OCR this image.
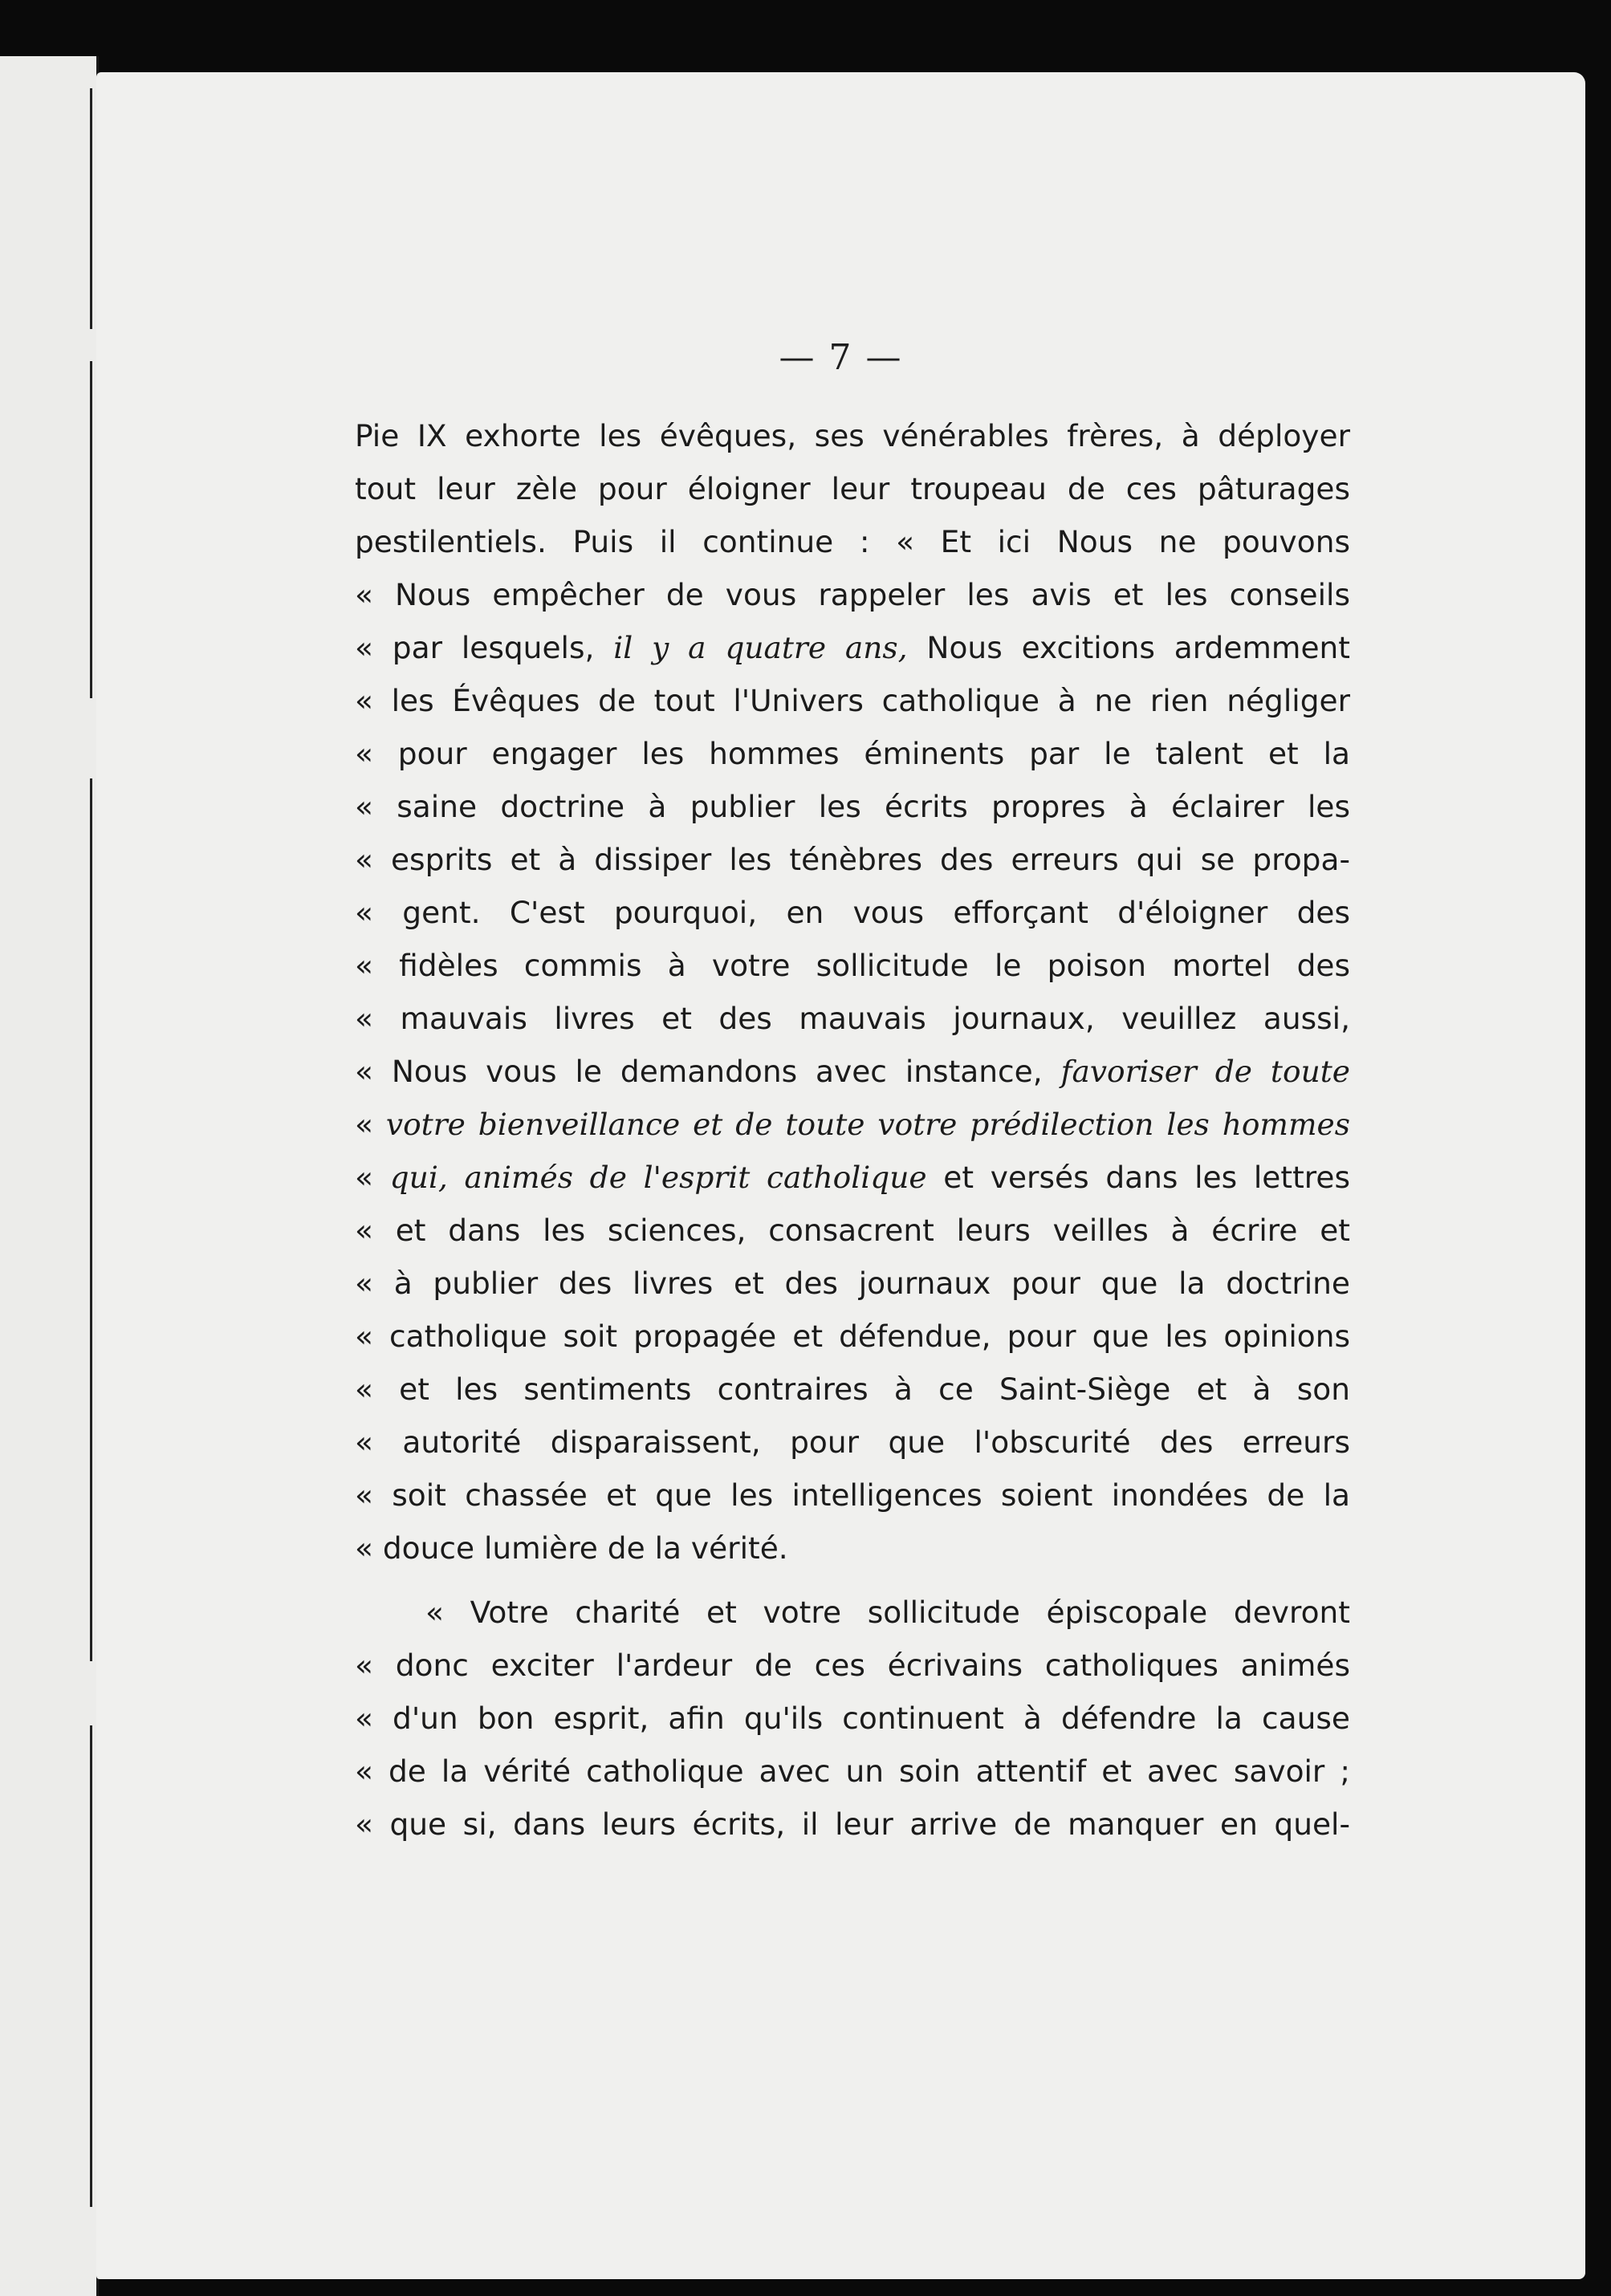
— 7 —
Pie IX exhorte les évêques, ses vénérables frères, à déployer
tout leur zèle pour éloigner leur troupeau de ces pâturages
pestilentiels. Puis il continue : « Et ici Nous ne pouvons
« Nous empêcher de vous rappeler les avis et les conseils
« par lesquels, il y a quatre ans, Nous excitions ardemment
« les Évêques de tout l'Univers catholique à ne rien négliger
« pour engager les hommes éminents par le talent et la
« saine doctrine à publier les écrits propres à éclairer les
« esprits et à dissiper les ténèbres des erreurs qui se propa-
« gent. C'est pourquoi, en vous efforçant d'éloigner des
« fidèles commis à votre sollicitude le poison mortel des
« mauvais livres et des mauvais journaux, veuillez aussi,
« Nous vous le demandons avec instance, favoriser de toute
« votre bienveillance et de toute votre prédilection les hommes
« qui, animés de l'esprit catholique et versés dans les lettres
« et dans les sciences, consacrent leurs veilles à écrire et
« à publier des livres et des journaux pour que la doctrine
« catholique soit propagée et défendue, pour que les opinions
« et les sentiments contraires à ce Saint-Siège et à son
« autorité disparaissent, pour que l'obscurité des erreurs
« soit chassée et que les intelligences soient inondées de la
« douce lumière de la vérité.
« Votre charité et votre sollicitude épiscopale devront
« donc exciter l'ardeur de ces écrivains catholiques animés
« d'un bon esprit, afin qu'ils continuent à défendre la cause
« de la vérité catholique avec un soin attentif et avec savoir ;
« que si, dans leurs écrits, il leur arrive de manquer en quel-
